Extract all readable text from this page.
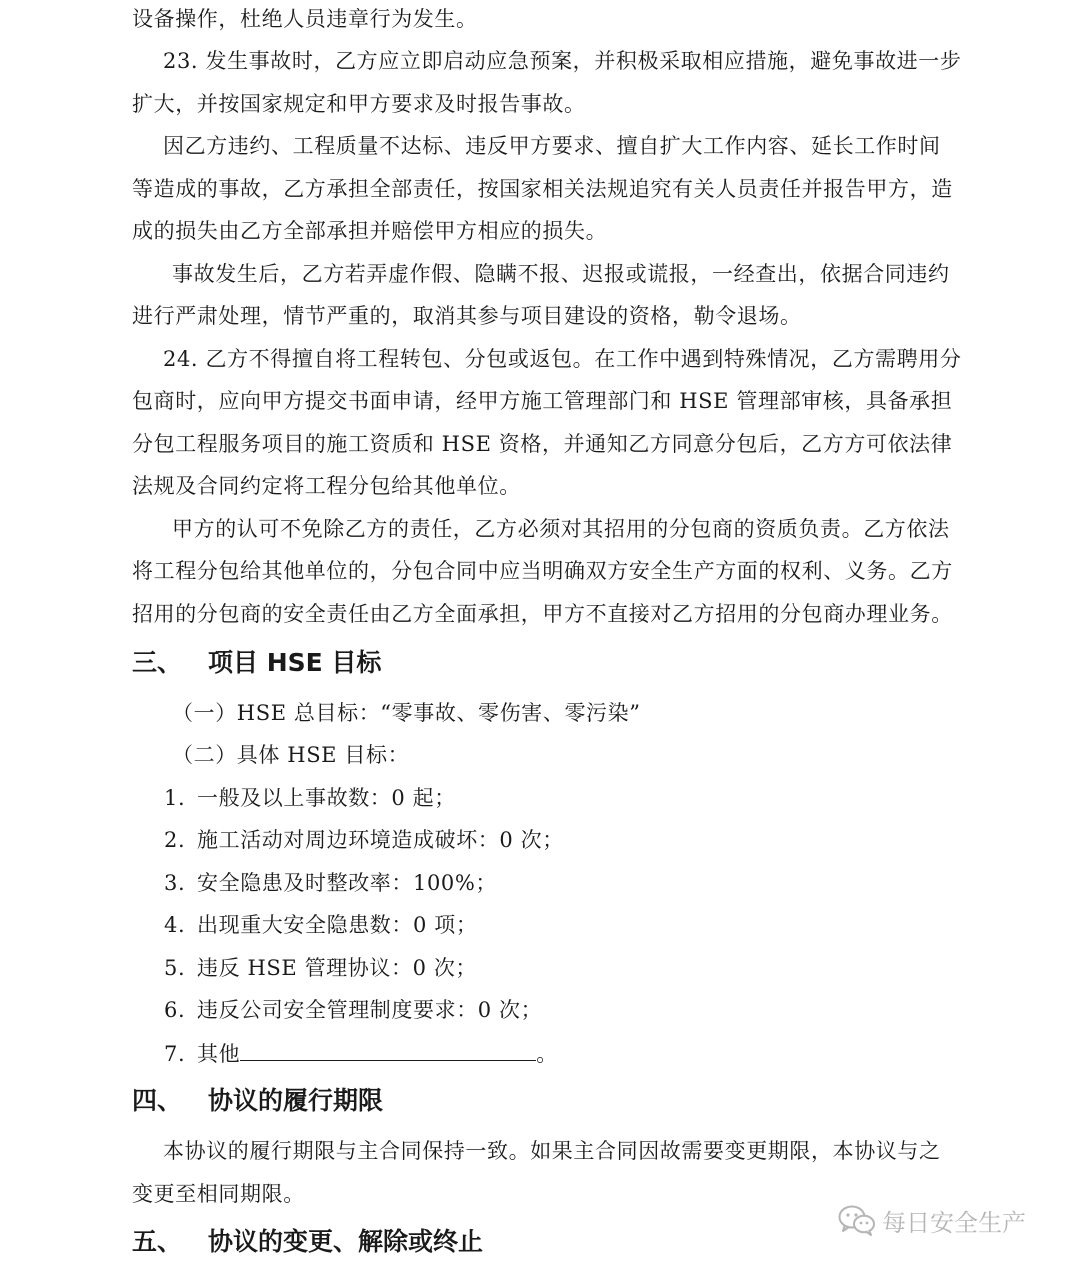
设备操作，杜绝人员违章行为发生。
23. 发生事故时，乙方应立即启动应急预案，并积极采取相应措施，避免事故进一步
扩大，并按国家规定和甲方要求及时报告事故。
因乙方违约、工程质量不达标、违反甲方要求、擅自扩大工作内容、延长工作时间
等造成的事故，乙方承担全部责任，按国家相关法规追究有关人员责任并报告甲方，造
成的损失由乙方全部承担并赔偿甲方相应的损失。
事故发生后，乙方若弄虚作假、隐瞒不报、迟报或谎报，一经查出，依据合同违约
进行严肃处理，情节严重的，取消其参与项目建设的资格，勒令退场。
24. 乙方不得擅自将工程转包、分包或返包。在工作中遇到特殊情况，乙方需聘用分
包商时，应向甲方提交书面申请，经甲方施工管理部门和 HSE 管理部审核，具备承担
分包工程服务项目的施工资质和 HSE 资格，并通知乙方同意分包后，乙方方可依法律
法规及合同约定将工程分包给其他单位。
甲方的认可不免除乙方的责任，乙方必须对其招用的分包商的资质负责。乙方依法
将工程分包给其他单位的，分包合同中应当明确双方安全生产方面的权利、义务。乙方
招用的分包商的安全责任由乙方全面承担，甲方不直接对乙方招用的分包商办理业务。
三、 项目 HSE 目标
（一）HSE 总目标：“零事故、零伤害、零污染”
（二）具体 HSE 目标：
1. 一般及以上事故数：0 起；
2. 施工活动对周边环境造成破坏：0 次；
3. 安全隐患及时整改率：100%；
4. 出现重大安全隐患数：0 项；
5. 违反 HSE 管理协议：0 次；
6. 违反公司安全管理制度要求：0 次；
7. 其他	。
四、 协议的履行期限
本协议的履行期限与主合同保持一致。如果主合同因故需要变更期限，本协议与之
变更至相同期限。
五、 协议的变更、解除或终止
每日安全生产
